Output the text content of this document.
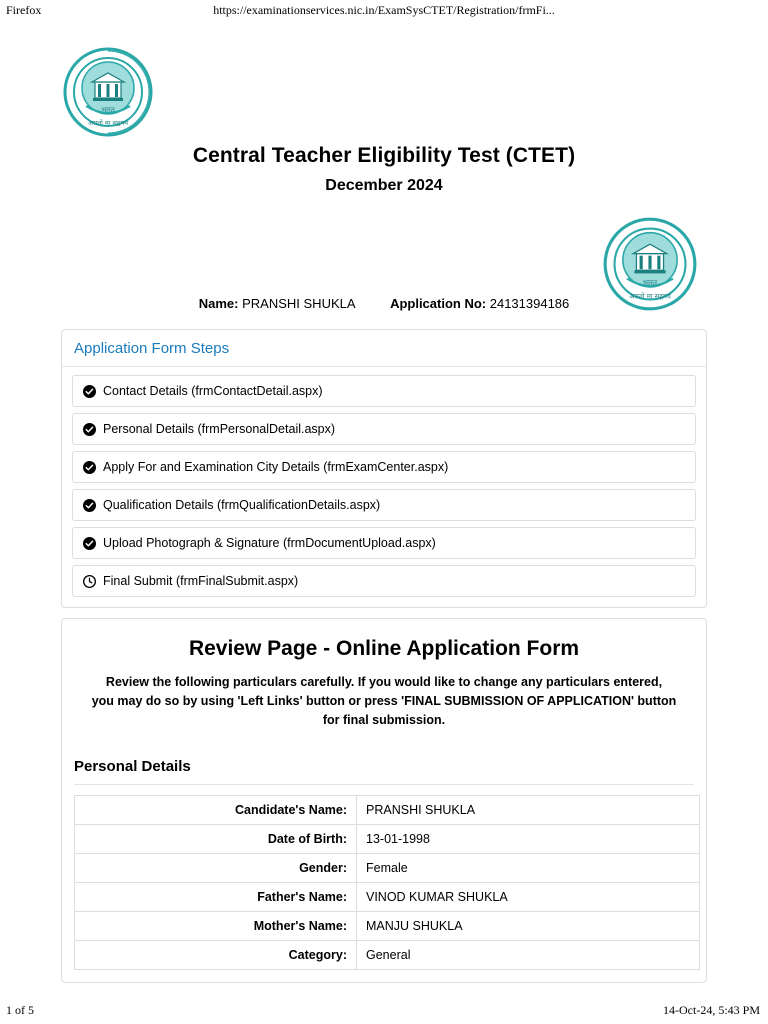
Firefox	https://examinationservices.nic.in/ExamSysCTET/Registration/frmFi...
भारत
असतो मा सद्गमय
Central Teacher Eligibility Test (CTET)
December 2024
भारत
असतो मा सद्गमय
Name: PRANSHI SHUKLA	Application No: 24131394186
Application Form Steps
Contact Details (frmContactDetail.aspx)
Personal Details (frmPersonalDetail.aspx)
Apply For and Examination City Details (frmExamCenter.aspx)
Qualification Details (frmQualificationDetails.aspx)
Upload Photograph & Signature (frmDocumentUpload.aspx)
Final Submit (frmFinalSubmit.aspx)
Review Page - Online Application Form
Review the following particulars carefully. If you would like to change any particulars entered,
you may do so by using 'Left Links' button or press 'FINAL SUBMISSION OF APPLICATION' button for final submission.
Personal Details
Candidate's Name:	PRANSHI SHUKLA
Date of Birth:	13-01-1998
Gender:	Female
Father's Name:	VINOD KUMAR SHUKLA
Mother's Name:	MANJU SHUKLA
Category:	General
1 of 5	14-Oct-24, 5:43 PM
